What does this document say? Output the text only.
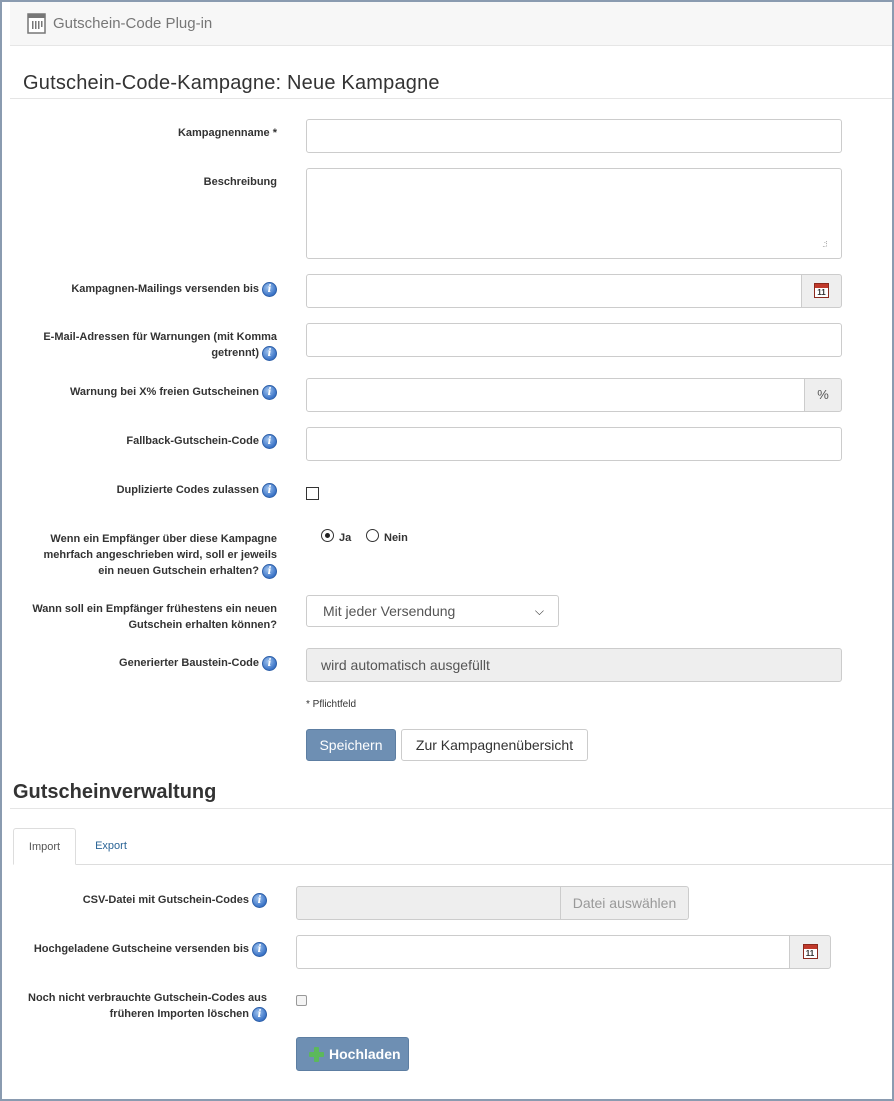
Gutschein-Code Plug-in
Gutschein-Code-Kampagne: Neue Kampagne
Kampagnenname *
Beschreibung
.:⁝
Kampagnen-Mailings versenden bis i	11
E-Mail-Adressen für Warnungen (mit Komma
getrennt) i
Warnung bei X% freien Gutscheinen i	%
Fallback-Gutschein-Code i
Duplizierte Codes zulassen i
Wenn ein Empfänger über diese Kampagne
mehrfach angeschrieben wird, soll er jeweils
ein neuen Gutschein erhalten? i
Ja	Nein
Wann soll ein Empfänger frühestens ein neuen
Gutschein erhalten können?
Mit jeder Versendung	⌵
Generierter Baustein-Code i	wird automatisch ausgefüllt
* Pflichtfeld
Speichern	Zur Kampagnenübersicht
Gutscheinverwaltung
Import	Export
CSV-Datei mit Gutschein-Codes i	Datei auswählen
Hochgeladene Gutscheine versenden bis i	11
Noch nicht verbrauchte Gutschein-Codes aus
früheren Importen löschen i
Hochladen
